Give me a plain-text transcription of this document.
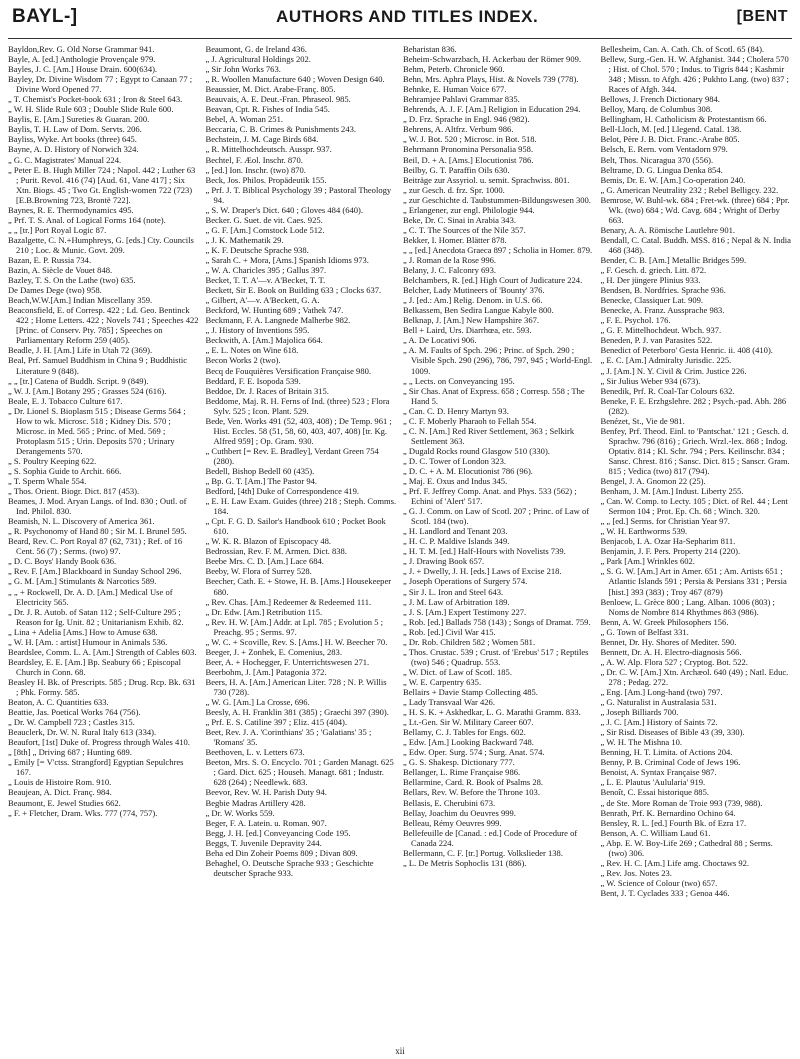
BAYL-]	AUTHORS AND TITLES INDEX.	[BENT

Bayldon,Rev. G. Old Norse Grammar 941.

Bayle, A. [ed.] Anthologie Provençale 979.

Bayles, J. C. [Am.] House Drain. 600(634).

Bayley, Dr. Divine Wisdom 77 ; Egypt to Canaan 77 ; Divine Word Opened 77.

„ T. Chemist's Pocket-book 631 ; Iron & Steel 643.

„ W. H. Slide Rule 603 ; Double Slide Rule 600.

Baylis, E. [Am.] Sureties & Guaran. 200.

Baylis, T. H. Law of Dom. Servts. 206.

Bayliss, Wyke. Art books (three) 645.

Bayne, A. D. History of Norwich 324.

„ G. C. Magistrates' Manual 224.

„ Peter E. B. Hugh Miller 724 ; Napol. 442 ; Luther 63 ; Purit. Revol. 416 (74) [Aud. 61, Vane 417] ; Six Xtn. Biogs. 45 ; Two Gt. English-women 722 (723) [E.B.Browning 723, Brontë 722].

Baynes, R. E. Thermodynamics 495.

„ Prf. T. S. Anal. of Logical Forms 164 (note).

„ „ [tr.] Port Royal Logic 87.

Bazalgette, C. N.+Humphreys, G. [eds.] Cty. Councils 210 ; Loc. & Munic. Govt. 209.

Bazan, E. P. Russia 734.

Bazin, A. Siècle de Vouet 848.

Bazley, T. S. On the Lathe (two) 635.

De Dames Dege (two) 958.

Beach,W.W.[Am.] Indian Miscellany 359.

Beaconsfield, E. of Corresp. 422 ; Ld. Geo. Bentinck 422 ; Home Letters. 422 ; Novels 741 ; Speeches 422 [Princ. of Conserv. Pty. 785] ; Speeches on Parliamentary Reform 259 (405).

Beadle, J. H. [Am.] Life in Utah 72 (369).

Beal, Prf. Samuel Buddhism in China 9 ; Buddhistic Literature 9 (848).

„ „ [tr.] Catena of Buddh. Script. 9 (849).

„ W. J. [Am.] Botany 295 ; Grasses 524 (616).

Beale, E. J. Tobacco Culture 617.

„ Dr. Lionel S. Bioplasm 515 ; Disease Germs 564 ; How to wk. Microsc. 518 ; Kidney Dis. 570 ; Microsc. in Med. 565 ; Princ. of Med. 569 ; Protoplasm 515 ; Urin. Deposits 570 ; Urinary Derangements 570.

„ S. Poultry Keeping 622.

„ S. Sophia Guide to Archit. 666.

„ T. Sperm Whale 554.

„ Thos. Orient. Biogr. Dict. 817 (453).

Beames, J. Mod. Aryan Langs. of Ind. 830 ; Outl. of Ind. Philol. 830.

Beamish, N. L. Discovery of America 361.

„ R. Psychonomy of Hand 80 ; Sir M. I. Brunel 595.

Beard, Rev. C. Port Royal 87 (62, 731) ; Ref. of 16 Cent. 56 (7) ; Serms. (two) 97.

„ D. C. Boys' Handy Book 636.

„ Rev. F. [Am.] Blackboard in Sunday School 296.

„ G. M. [Am.] Stimulants & Narcotics 589.

„ „ + Rockwell, Dr. A. D. [Am.] Medical Use of Electricity 565.

„ Dr. J. R. Autob. of Satan 112 ; Self-Culture 295 ; Reason for Ig. Unit. 82 ; Unitarianism Exhib. 82.

„ Lina + Adelia [Ams.] How to Amuse 638.

„ W. H. [Am. : artist] Humour in Animals 536.

Beardslee, Comm. L. A. [Am.] Strength of Cables 603.

Beardsley, E. E. [Am.] Bp. Seabury 66 ; Episcopal Church in Conn. 68.

Beasley H. Bk. of Prescripts. 585 ; Drug. Rcp. Bk. 631 ; Phk. Formy. 585.

Beaton, A. C. Quantities 633.

Beattie, Jas. Poetical Works 764 (756).

„ Dr. W. Campbell 723 ; Castles 315.

Beauclerk, Dr. W. N. Rural Italy 613 (334).

Beaufort, [1st] Duke of. Progress through Wales 410.

„ [8th] „ Driving 687 ; Hunting 689.

„ Emily [= V'ctss. Strangford] Egyptian Sepulchres 167.

„ Louis de Histoire Rom. 910.

Beaujean, A. Dict. Franç. 984.

Beaumont, E. Jewel Studies 662.

„ F. + Fletcher, Dram. Wks. 777 (774, 757).

Beaumont, G. de Ireland 436.

„ J. Agricultural Holdings 202.

„ Sir John Works 763.

„ R. Woollen Manufacture 640 ; Woven Design 640.

Beaussier, M. Dict. Arabe-Franç. 805.

Beauvais, A. E. Deut.-Fran. Phraseol. 985.

Beavan, Cpt. R. Fishes of India 545.

Bebel, A. Woman 251.

Beccaria, C. B. Crimes & Punishments 243.

Bechstein, J. M. Cage Birds 684.

„ R. Mittelhochdeutsch. Ausspr. 937.

Bechtel, F. Æol. Inschr. 870.

„ [ed.] Ion. Inschr. (two) 870.

Beck, Jos. Philos. Propädeutik 155.

„ Prf. J. T. Biblical Psychology 39 ; Pastoral Theology 94.

„ S. W. Draper's Dict. 640 ; Gloves 484 (640).

Becker. G. Suet. de vit. Caes. 925.

„ G. F. [Am.] Comstock Lode 512.

„ J. K. Mathematik 29.

„ K. F. Deutsche Sprache 938.

„ Sarah C. + Mora, [Ams.] Spanish Idioms 973.

„ W. A. Charicles 395 ; Gallus 397.

Becket, T. T. A'—v. A'Becket, T. T.

Beckett, Sir E. Book on Building 633 ; Clocks 637.

„ Gilbert, A'—v. A'Beckett, G. A.

Beckford, W. Hunting 689 ; Vathek 747.

Beckmann, F. A. Langnede Malherbe 982.

„ J. History of Inventions 595.

Beckwith, A. [Am.] Majolica 664.

„ E. L. Notes on Wine 618.

Becon Works 2 (two).

Becq de Fouquières Versification Française 980.

Beddard, F. E. Isopoda 539.

Beddoe, Dr. J. Races of Britain 315.

Beddome, Maj. R. H. Ferns of Ind. (three) 523 ; Flora Sylv. 525 ; Icon. Plant. 529.

Bede, Ven. Works 491 (52, 403, 408) ; De Temp. 961 ; Hist. Eccles. 58 (51, 58, 60, 403, 407, 408) [tr. Kg. Alfred 959] ; Op. Gram. 930.

„ Cuthbert [= Rev. E. Bradley], Verdant Green 754 (280).

Bedell, Bishop Bedell 60 (435).

„ Bp. G. T. [Am.] The Pastor 94.

Bedford, [4th] Duke of Correspondence 419.

„ E. H. Law Exam. Guides (three) 218 ; Steph. Comms. 184.

„ Cpt. F. G. D. Sailor's Handbook 610 ; Pocket Book 610.

„ W. K. R. Blazon of Episcopacy 48.

Bedrossian, Rev. F. M. Armen. Dict. 838.

Beebe Mrs. C. D. [Am.] Lace 684.

Beeby, W. Flora of Surrey 528.

Beecher, Cath. E. + Stowe, H. B. [Ams.] Housekeeper 680.

„ Rev. Chas. [Am.] Redeemer & Redeemed 111.

„ Dr. Edw. [Am.] Retribution 115.

„ Rev. H. W. [Am.] Addr. at Lpl. 785 ; Evolution 5 ; Preachg. 95 ; Serms. 97.

„ W. C. + Scoville, Rev. S. [Ams.] H. W. Beecher 70.

Beeger, J. + Zonhek, E. Comenius, 283.

Beer, A. + Hochegger, F. Unterrichtswesen 271.

Beerbohm, J. [Am.] Patagonia 372.

Beers, H. A. [Am.] American Liter. 728 ; N. P. Willis 730 (728).

„ W. G. [Am.] La Crosse, 696.

Beesly, A. H. Franklin 381 (385) ; Graechi 397 (390).

„ Prf. E. S. Catiline 397 ; Eliz. 415 (404).

Beet, Rev. J. A. 'Corinthians' 35 ; 'Galatians' 35 ; 'Romans' 35.

Beethoven, L. v. Letters 673.

Beeton, Mrs. S. O. Encyclo. 701 ; Garden Managt. 625 ; Gard. Dict. 625 ; Househ. Managt. 681 ; Industr. 628 (264) ; Needlewk. 683.

Beevor, Rev. W. H. Parish Duty 94.

Begbie Madras Artillery 428.

„ Dr. W. Works 559.

Beger, F. A. Latein. u. Roman. 907.

Begg, J. H. [ed.] Conveyancing Code 195.

Beggs, T. Juvenile Depravity 244.

Beha ed Din Zoheir Poems 809 ; Divan 809.

Behaghel, O. Deutsche Sprache 933 ; Geschichte deutscher Sprache 933.

Beharistan 836.

Beheim-Schwarzbach, H. Ackerbau der Römer 909.

Behm, Peterb. Chronicle 960.

Behn, Mrs. Aphra Plays, Hist. & Novels 739 (778).

Behnke, E. Human Voice 677.

Behramjee Pahlavi Grammar 835.

Behrends, A. J. F. [Am.] Religion in Education 294.

„ D. Frz. Sprache in Engl. 946 (982).

Behrens, A. Altfrz. Verbum 986.

„ W. J. Bot. 520 ; Microsc. in Bot. 518.

Behrmann Pronomina Personalia 958.

Beil, D. + A. [Ams.] Elocutionist 786.

Beilby, G. T. Paraffin Oils 630.

Beiträge zur Assyriol. u. semit. Sprachwiss. 801.

„ zur Gesch. d. frz. Spr. 1000.

„ zur Geschichte d. Taubstummen-Bildungswesen 300.

„ Erlangener, zur engl. Philologie 944.

Beke, Dr. C. Sinai in Arabia 343.

„ C. T. The Sources of the Nile 357.

Bekker, I. Homer. Blätter 878.

„ „ [ed.] Anecdota Graeca 897 ; Scholia in Homer. 879.

„ J. Roman de la Rose 996.

Belany, J. C. Falconry 693.

Belchambers, R. [ed.] High Court of Judicature 224.

Belcher, Lady Mutineers of 'Bounty' 376.

„ J. [ed.: Am.] Relig. Denom. in U.S. 66.

Belkassem, Ben Sedira Langue Kabyle 800.

Belknap, J. [Am.] New Hampshire 367.

Bell + Laird, Urs. Diarrhœa, etc. 593.

„ A. De Locativi 906.

„ A. M. Faults of Spch. 296 ; Princ. of Spch. 290 ; Visible Spch. 290 (296), 786, 797, 945 ; World-Engl. 1009.

„ „ Lects. on Conveyancing 195.

„ Sir Chas. Anat of Express. 658 ; Corresp. 558 ; The Hand 5.

„ Can. C. D. Henry Martyn 93.

„ C. F. Moberly Pharaoh to Fellah 554.

„ C. N. [Am.] Red River Settlement, 363 ; Selkirk Settlement 363.

„ Dugald Rocks round Glasgow 510 (330).

„ D. C. Tower of London 323.

„ D. C. + A. M. Elocutionist 786 (96).

„ Maj. E. Oxus and Indus 345.

„ Prf. F. Jeffrey Comp. Anat. and Phys. 533 (562) ; Echini of 'Alert' 517.

„ G. J. Comm. on Law of Scotl. 207 ; Princ. of Law of Scotl. 184 (two).

„ H. Landlord and Tenant 203.

„ H. C. P. Maldive Islands 349.

„ H. T. M. [ed.] Half-Hours with Novelists 739.

„ J. Drawing Book 657.

„ J. + Dwelly, J. H. [eds.] Laws of Excise 218.

„ Joseph Operations of Surgery 574.

„ Sir J. L. Iron and Steel 643.

„ J. M. Law of Arbitration 189.

„ J. S. [Am.] Expert Testimony 227.

„ Rob. [ed.] Ballads 758 (143) ; Songs of Dramat. 759.

„ Rob. [ed.] Civil War 415.

„ Dr. Rob. Children 582 ; Women 581.

„ Thos. Crustac. 539 ; Crust. of 'Erebus' 517 ; Reptiles (two) 546 ; Quadrup. 553.

„ W. Dict. of Law of Scotl. 185.

„ W. E. Carpentry 635.

Bellairs + Davie Stamp Collecting 485.

„ Lady Transvaal War 426.

„ H. S. K. + Askhedkar, L. G. Marathi Gramm. 833.

„ Lt.-Gen. Sir W. Military Career 607.

Bellamy, C. J. Tables for Engs. 602.

„ Edw. [Am.] Looking Backward 748.

„ Edw. Oper. Surg. 574 ; Surg. Anat. 574.

„ G. S. Shakesp. Dictionary 777.

Bellanger, L. Rime Française 986.

Bellarmine, Card. R. Book of Psalms 28.

Bellars, Rev. W. Before the Throne 103.

Bellasis, E. Cherubini 673.

Bellay, Joachim du Oeuvres 999.

Belleau, Rémy Oeuvres 999.

Bellefeuille de [Canad. : ed.] Code of Procedure of Canada 224.

Bellermann, C. F. [tr.] Portug. Volkslieder 138.

„ L. De Metris Sophoclis 131 (886).

Bellesheim, Can. A. Cath. Ch. of Scotl. 65 (84).

Bellew, Surg.-Gen. H. W. Afghanist. 344 ; Cholera 570 ; Hist. of Chol. 570 ; Indus. to Tigris 844 ; Kashmir 348 ; Missn. to Afgh. 426 ; Pukhto Lang. (two) 837 ; Races of Afgh. 344.

Bellows, J. French Dictionary 984.

Belloy, Marq. de Columbus 308.

Bellingham, H. Catholicism & Protestantism 66.

Bell-Lloch, M. [ed.] Llegend. Catal. 138.

Belot, Père J. B. Dict. Franc.-Arabe 805.

Belsch, E. Rern. vom Ventadorn 979.

Belt, Thos. Nicaragua 370 (556).

Beltrame, D. G. Lingua Denka 854.

Bemis, Dr. E. W. [Am.] Co-operation 240.

„ G. American Neutrality 232 ; Rebel Belligcy. 232.

Bemrose, W. Buhl-wk. 684 ; Fret-wk. (three) 684 ; Ppr. Wk. (two) 684 ; Wd. Cavg. 684 ; Wright of Derby 663.

Benary, A. A. Römische Lautlehre 901.

Bendall, C. Catal. Buddh. MSS. 816 ; Nepal & N. India 468 (348).

Bender, C. B. [Am.] Metallic Bridges 599.

„ F. Gesch. d. griech. Litt. 872.

„ H. Der jüngere Plinius 933.

Bendsen, B. Nordfries. Sprache 936.

Benecke, Classiquer Lat. 909.

Benecke, A. Franz. Aussprache 983.

„ F. E. Psychol. 176.

„ G. F. Mittelhochdeut. Wbch. 937.

Beneden, P. J. van Parasites 522.

Benedict of Peterboro' Gesta Henric. ii. 408 (410).

„ E. C. [Am.] Admiralty Jurisdic. 225.

„ J. [Am.] N. Y. Civil & Crim. Justice 226.

„ Sir Julius Weber 934 (673).

Benedik, Prf. R. Coal-Tar Colours 632.

Beneke, F. E. Erzhgslehre. 282 ; Psych.-pad. Abh. 286 (282).

Benézet, St., Vie de 981.

Benfey, Prf. Theod. Einl. to 'Pantschat.' 121 ; Gesch. d. Sprachw. 796 (816) ; Griech. Wrzl.-lex. 868 ; Indog. Optativ. 814 ; Kl. Schr. 794 ; Pers. Keilinschr. 834 ; Sansc. Chrest. 816 ; Sansc. Dict. 815 ; Sanscr. Gram. 815 ; Vedica (two) 817 (794).

Bengel, J. A. Gnomon 22 (25).

Benham, J. M. [Am.] Indust. Liberty 255.

„ Can. W. Comp. to Lecty. 105 ; Dict. of Rel. 44 ; Lent Sermon 104 ; Prot. Ep. Ch. 68 ; Winch. 320.

„ „ [ed.] Serms. for Christian Year 97.

„ W. H. Earthworms 539.

Benjacob, I. A. Ozar Ha-Sepharim 811.

Benjamin, J. F. Pers. Property 214 (220).

„ Park [Am.] Wrinkles 602.

„ S. G. W. [Am.] Art in Amer. 651 ; Am. Artists 651 ; Atlantic Islands 591 ; Persia & Persians 331 ; Persia [hist.] 393 (383) ; Troy 467 (879)

Benloew, L. Grèce 800 ; Lang. Alban. 1006 (803) ; Noms de Nombre 814 Rhythmes 863 (986).

Benn, A. W. Greek Philosophers 156.

„ G. Town of Belfast 331.

Bennet, Dr. Hy. Shores of Mediter. 590.

Bennett, Dr. A. H. Electro-diagnosis 566.

„ A. W. Alp. Flora 527 ; Cryptog. Bot. 522.

„ Dr. C. W. [Am.] Xtn. Archæol. 640 (49) ; Natl. Educ. 278 ; Pedag. 272.

„ Eng. [Am.] Long-hand (two) 797.

„ G. Naturalist in Australasia 531.

„ Joseph Billiards 700.

„ J. C. [Am.] History of Saints 72.

„ Sir Risd. Diseases of Bible 43 (39, 330).

„ W. H. The Mishna 10.

Benning, H. T. Limita. of Actions 204.

Benny, P. B. Criminal Code of Jews 196.

Benoist, A. Syntax Française 987.

„ L. E. Plautus 'Aulularia' 919.

Benoît, C. Essai historique 885.

„ de Ste. More Roman de Troie 993 (739, 988).

Benrath, Prf. K. Bernardino Ochino 64.

Bensley, R. L. [ed.] Fourth Bk. of Ezra 17.

Benson, A. C. William Laud 61.

„ Abp. E. W. Boy-Life 269 ; Cathedral 88 ; Serms. (two) 306.

„ Rev. H. C. [Am.] Life amg. Choctaws 92.

„ Rev. Jos. Notes 23.

„ W. Science of Colour (two) 657.

Bent, J. T. Cyclades 333 ; Genoa 446.

xii
